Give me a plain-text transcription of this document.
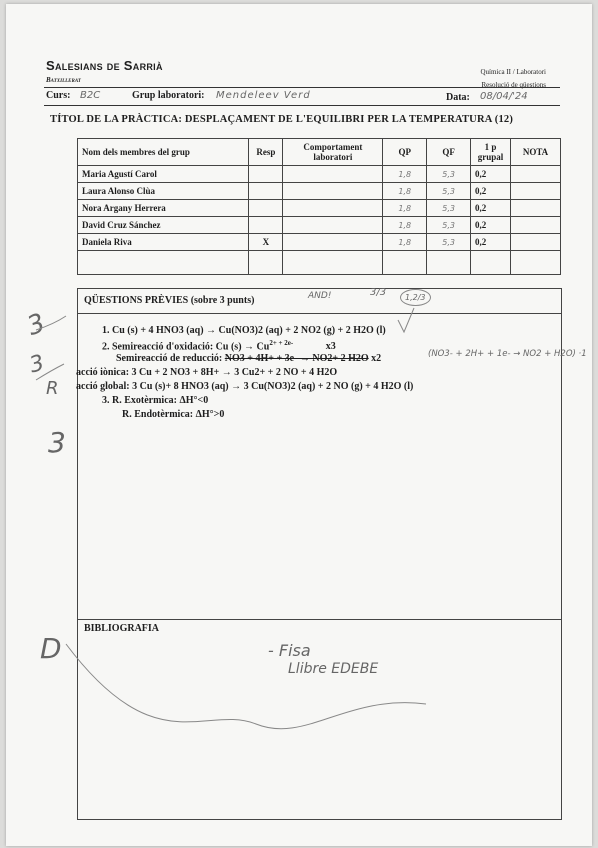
Salesians de Sarrià
Batxillerat
Química II / Laboratori
Resolució de qüestions
Curs: B2C	Grup laboratori: Mendeleev Verd	Data: 08/04/'24
TÍTOL DE LA PRÀCTICA: DESPLAÇAMENT DE L'EQUILIBRI PER LA TEMPERATURA (12)
Nom dels membres del grup	Resp	Comportament laboratori	QP	QF	1 p grupal	NOTA
Maria Agustí Carol			1,8	5,3	0,2	
Laura Alonso Clùa			1,8	5,3	0,2	
Nora Argany Herrera			1,8	5,3	0,2	
David Cruz Sánchez			1,8	5,3	0,2	
Daniela Riva	X		1,8	5,3	0,2	

QÜESTIONS PRÈVIES (sobre 3 punts)	AND!	3/3	1,2/3
1. Cu (s) + 4 HNO3 (aq) → Cu(NO3)2 (aq) + 2 NO2 (g) + 2 H2O (l)
2. Semireacció d'oxidació: Cu $(s) \to Cu^{2+ + 2e-}$	x3
Semireacció de reducció: NO3 + 4H+ + 3e- → NO2+ 2 H2O x2	(NO3- + 2H+ + 1e- → NO2 + H2O) ·1
acció iònica: 3 Cu + 2 NO3 + 8H+ → 3 Cu2+ + 2 NO + 4 H2O
acció global: 3 Cu (s)+ 8 HNO3 (aq) → 3 Cu(NO3)2 (aq) + 2 NO (g) + 4 H2O (l)
3. R. Exotèrmica: ΔH°<0
R. Endotèrmica: ΔH°>0
BIBLIOGRAFIA
- Fisa
Llibre EDEBE
3
3
3
R
D
